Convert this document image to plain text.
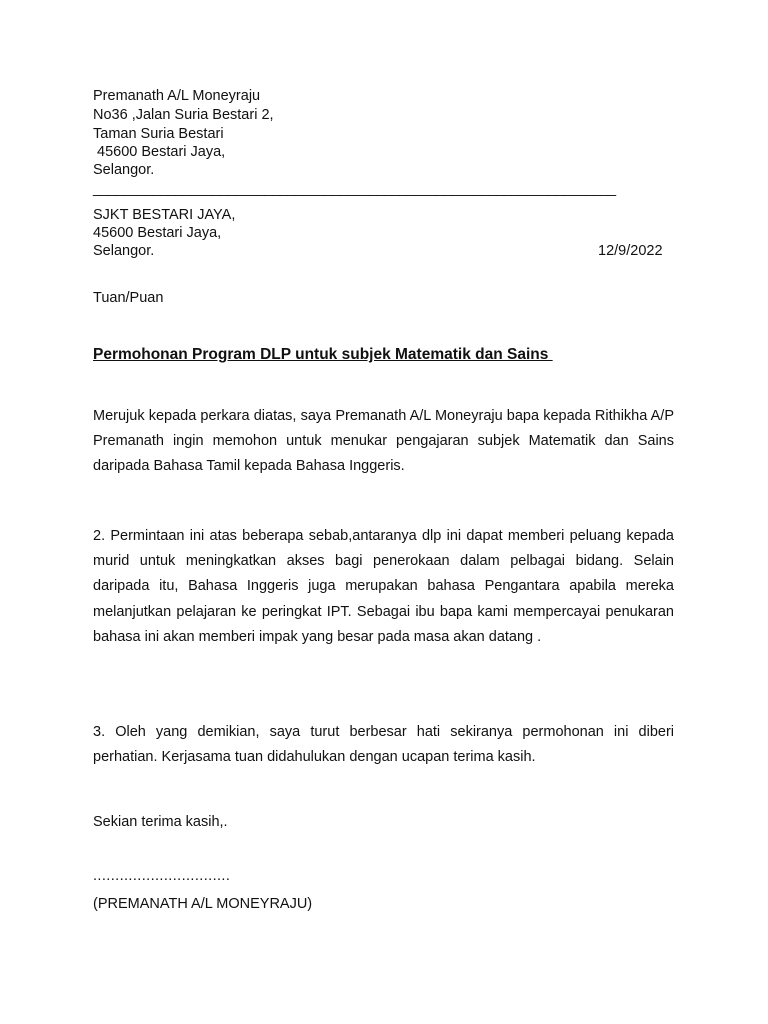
Premanath A/L Moneyraju
No36 ,Jalan Suria Bestari 2,
Taman Suria Bestari
45600 Bestari Jaya,
Selangor.
______________________________________________________________________
SJKT BESTARI JAYA,
45600 Bestari Jaya,
Selangor.	12/9/2022
Tuan/Puan
Permohonan Program DLP untuk subjek Matematik dan Sains

Merujuk kepada perkara diatas, saya Premanath A/L Moneyraju bapa kepada Rithikha A/P Premanath ingin memohon untuk menukar pengajaran subjek Matematik dan Sains daripada Bahasa Tamil kepada Bahasa Inggeris.

2. Permintaan ini atas beberapa sebab,antaranya dlp ini dapat memberi peluang kepada murid untuk meningkatkan akses bagi penerokaan dalam pelbagai bidang. Selain daripada itu, Bahasa Inggeris juga merupakan bahasa Pengantara apabila mereka melanjutkan pelajaran ke peringkat IPT. Sebagai ibu bapa kami mempercayai penukaran bahasa ini akan memberi impak yang besar pada masa akan datang .

3. Oleh yang demikian, saya turut berbesar hati sekiranya permohonan ini diberi perhatian. Kerjasama tuan didahulukan dengan ucapan terima kasih.

Sekian terima kasih,.
...............................
(PREMANATH A/L MONEYRAJU)
